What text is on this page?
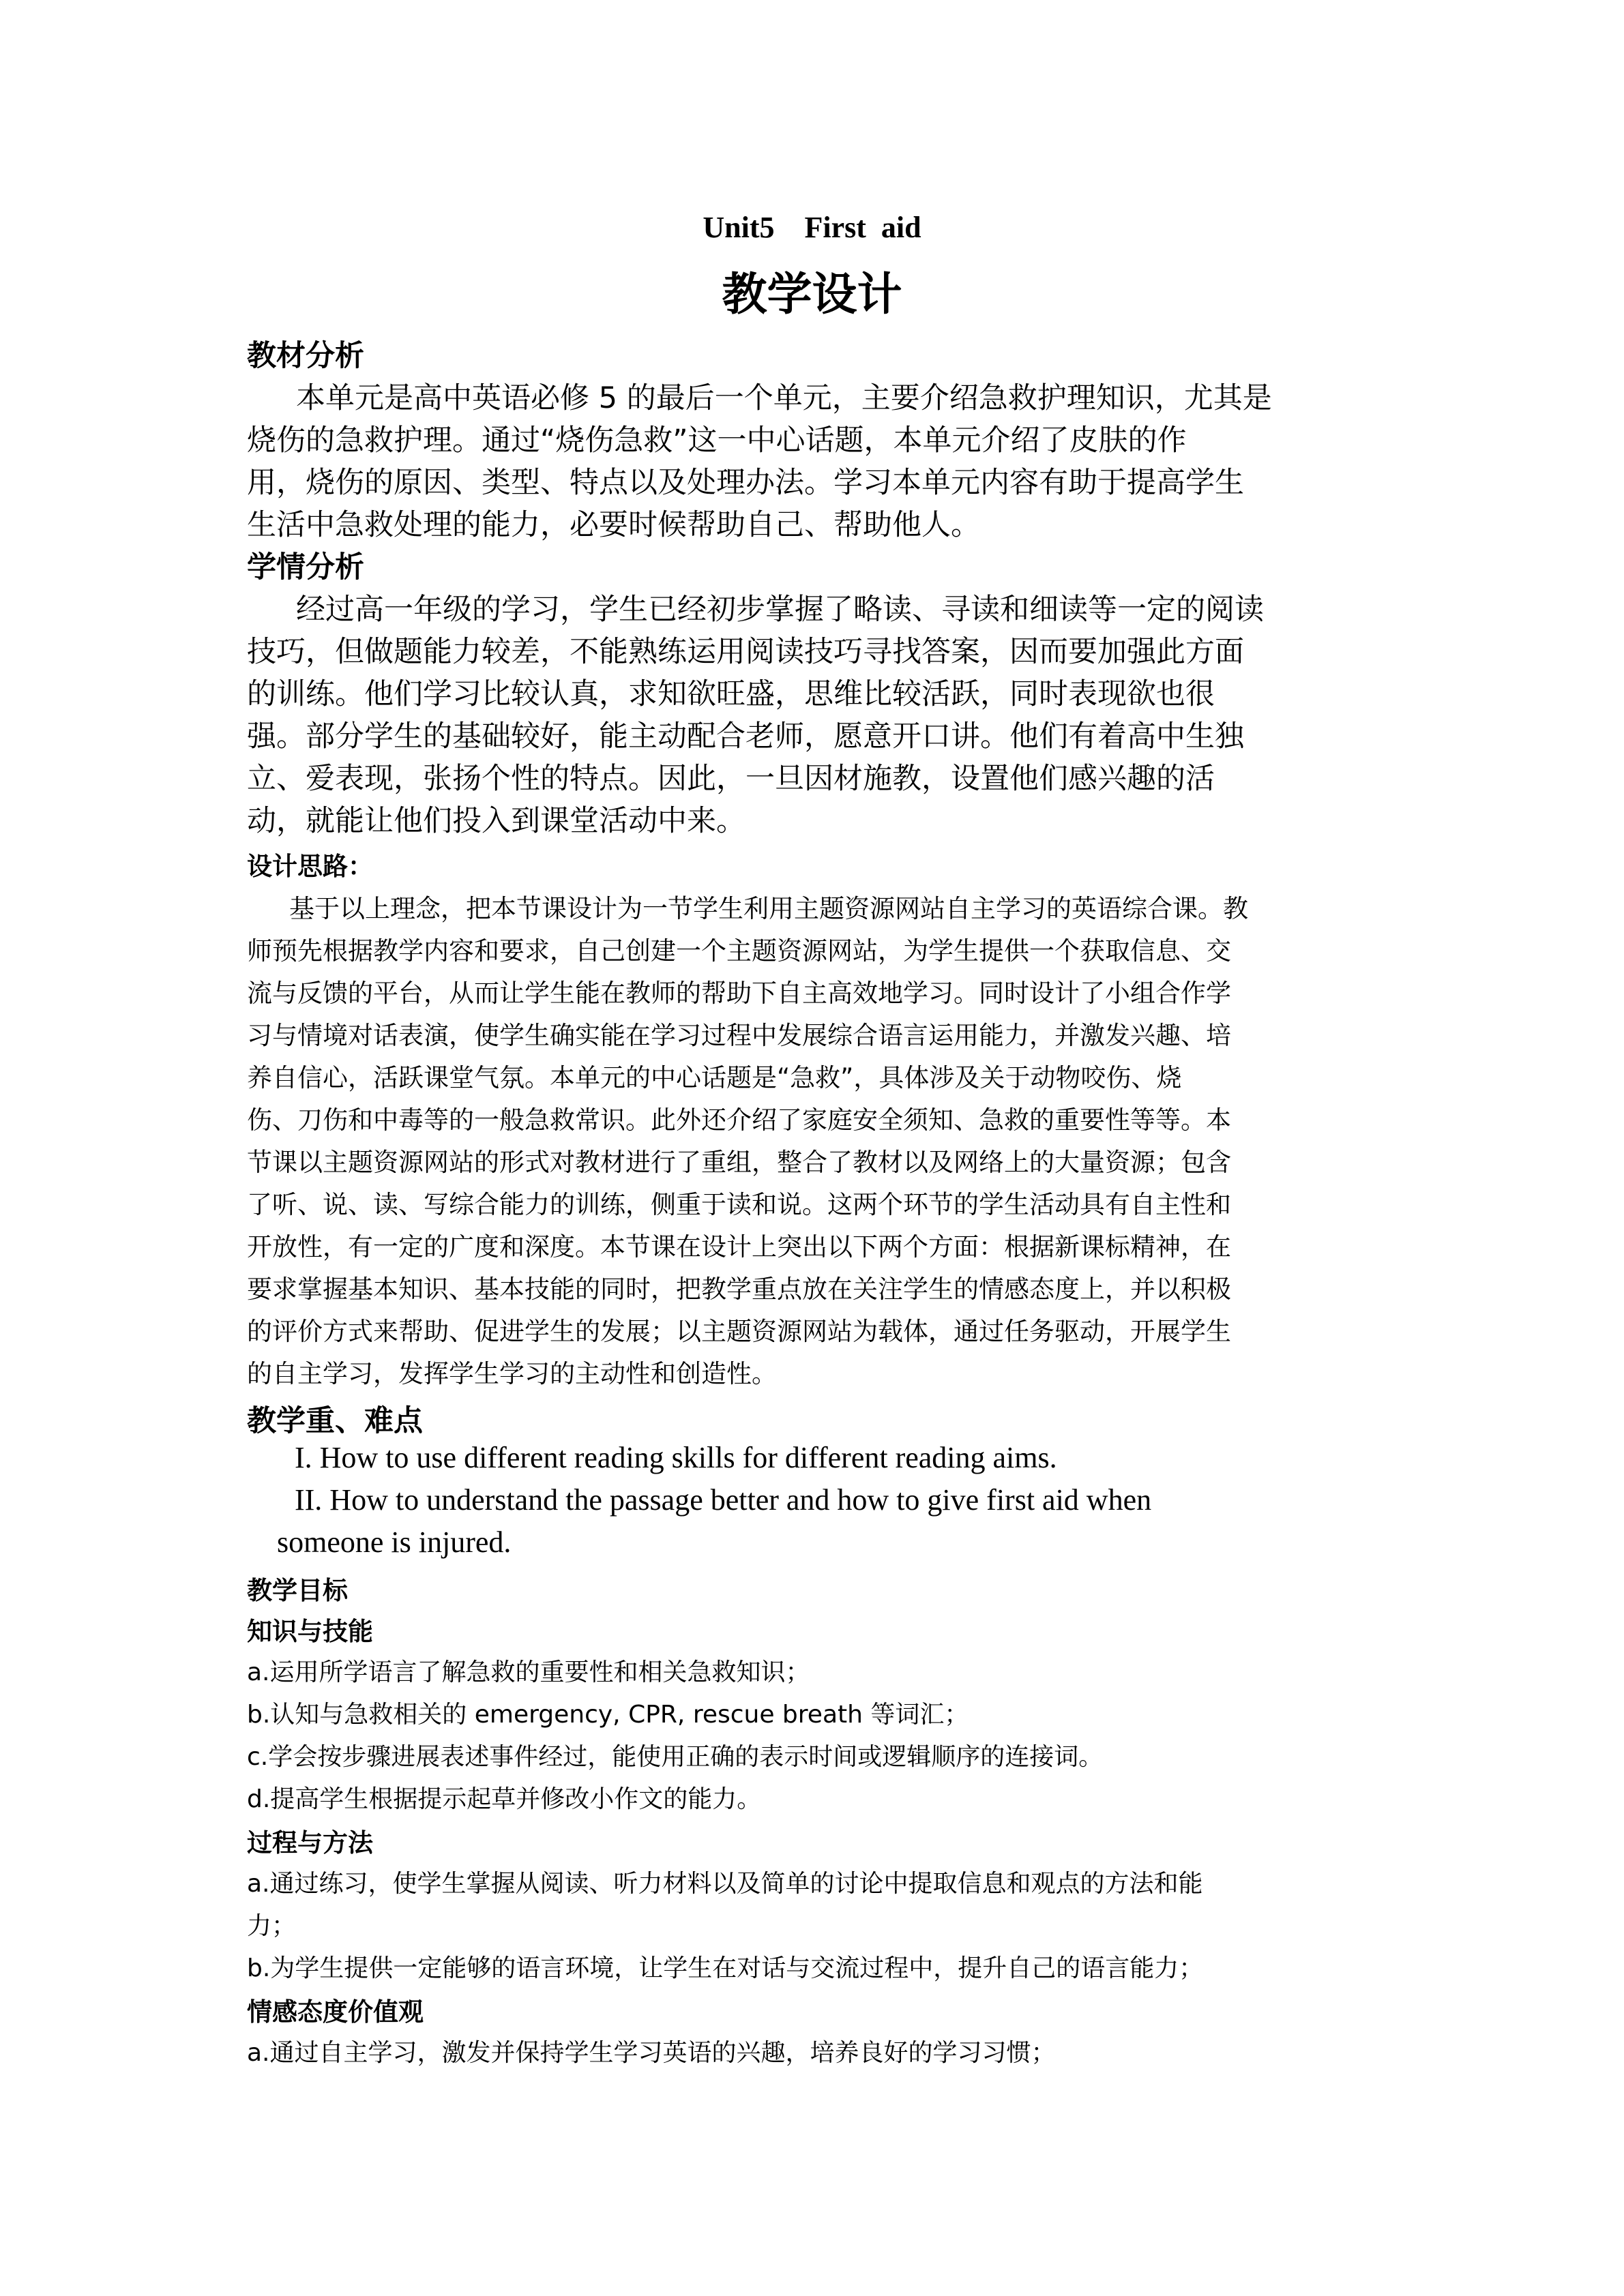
Unit5    First  aid
教学设计
教材分析
本单元是高中英语必修 5 的最后一个单元，主要介绍急救护理知识，尤其是
烧伤的急救护理。通过“烧伤急救”这一中心话题，本单元介绍了皮肤的作
用，烧伤的原因、类型、特点以及处理办法。学习本单元内容有助于提高学生
生活中急救处理的能力，必要时候帮助自己、帮助他人。
学情分析
经过高一年级的学习，学生已经初步掌握了略读、寻读和细读等一定的阅读
技巧，但做题能力较差，不能熟练运用阅读技巧寻找答案，因而要加强此方面
的训练。他们学习比较认真，求知欲旺盛，思维比较活跃，同时表现欲也很
强。部分学生的基础较好，能主动配合老师，愿意开口讲。他们有着高中生独
立、爱表现，张扬个性的特点。因此，一旦因材施教，设置他们感兴趣的活
动，就能让他们投入到课堂活动中来。
设计思路：
基于以上理念，把本节课设计为一节学生利用主题资源网站自主学习的英语综合课。教
师预先根据教学内容和要求，自己创建一个主题资源网站，为学生提供一个获取信息、交
流与反馈的平台，从而让学生能在教师的帮助下自主高效地学习。同时设计了小组合作学
习与情境对话表演，使学生确实能在学习过程中发展综合语言运用能力，并激发兴趣、培
养自信心，活跃课堂气氛。本单元的中心话题是“急救”，具体涉及关于动物咬伤、烧
伤、刀伤和中毒等的一般急救常识。此外还介绍了家庭安全须知、急救的重要性等等。本
节课以主题资源网站的形式对教材进行了重组，整合了教材以及网络上的大量资源；包含
了听、说、读、写综合能力的训练，侧重于读和说。这两个环节的学生活动具有自主性和
开放性，有一定的广度和深度。本节课在设计上突出以下两个方面：根据新课标精神，在
要求掌握基本知识、基本技能的同时，把教学重点放在关注学生的情感态度上，并以积极
的评价方式来帮助、促进学生的发展；以主题资源网站为载体，通过任务驱动，开展学生
的自主学习，发挥学生学习的主动性和创造性。
教学重、难点
I. How to use different reading skills for different reading aims.
II. How to understand the passage better and how to give first aid when
someone is injured.
教学目标
知识与技能
a.运用所学语言了解急救的重要性和相关急救知识；
b.认知与急救相关的 emergency, CPR, rescue breath 等词汇；
c.学会按步骤进展表述事件经过，能使用正确的表示时间或逻辑顺序的连接词。
d.提高学生根据提示起草并修改小作文的能力。
过程与方法
a.通过练习，使学生掌握从阅读、听力材料以及简单的讨论中提取信息和观点的方法和能
力；
b.为学生提供一定能够的语言环境，让学生在对话与交流过程中，提升自己的语言能力；
情感态度价值观
a.通过自主学习，激发并保持学生学习英语的兴趣，培养良好的学习习惯；
